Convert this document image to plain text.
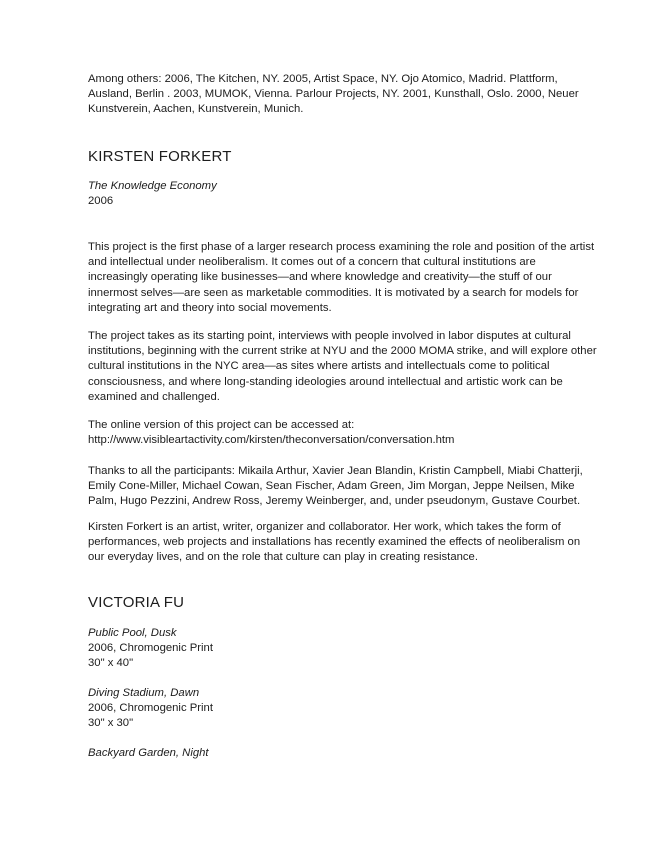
Among others: 2006, The Kitchen, NY. 2005, Artist Space, NY. Ojo Atomico, Madrid. Plattform, Ausland, Berlin . 2003, MUMOK, Vienna. Parlour Projects, NY. 2001, Kunsthall, Oslo. 2000, Neuer Kunstverein, Aachen, Kunstverein, Munich.

KIRSTEN FORKERT

The Knowledge Economy

2006

This project is the first phase of a larger research process examining the role and position of the artist and intellectual under neoliberalism. It comes out of a concern that cultural institutions are increasingly operating like businesses—and where knowledge and creativity—the stuff of our innermost selves—are seen as marketable commodities. It is motivated by a search for models for integrating art and theory into social movements.

The project takes as its starting point, interviews with people involved in labor disputes at cultural institutions, beginning with the current strike at NYU and the 2000 MOMA strike, and will explore other cultural institutions in the NYC area—as sites where artists and intellectuals come to political consciousness, and where long-standing ideologies around intellectual and artistic work can be examined and challenged.

The online version of this project can be accessed at:

http://www.visibleartactivity.com/kirsten/theconversation/conversation.htm

Thanks to all the participants: Mikaila Arthur, Xavier Jean Blandin, Kristin Campbell, Miabi Chatterji, Emily Cone-Miller, Michael Cowan, Sean Fischer, Adam Green, Jim Morgan, Jeppe Neilsen, Mike Palm, Hugo Pezzini, Andrew Ross, Jeremy Weinberger, and, under pseudonym, Gustave Courbet.

Kirsten Forkert is an artist, writer, organizer and collaborator. Her work, which takes the form of performances, web projects and installations has recently examined the effects of neoliberalism on our everyday lives, and on the role that culture can play in creating resistance.

VICTORIA FU

Public Pool, Dusk

2006, Chromogenic Print

30" x 40"

Diving Stadium, Dawn

2006, Chromogenic Print

30" x 30"

Backyard Garden, Night
